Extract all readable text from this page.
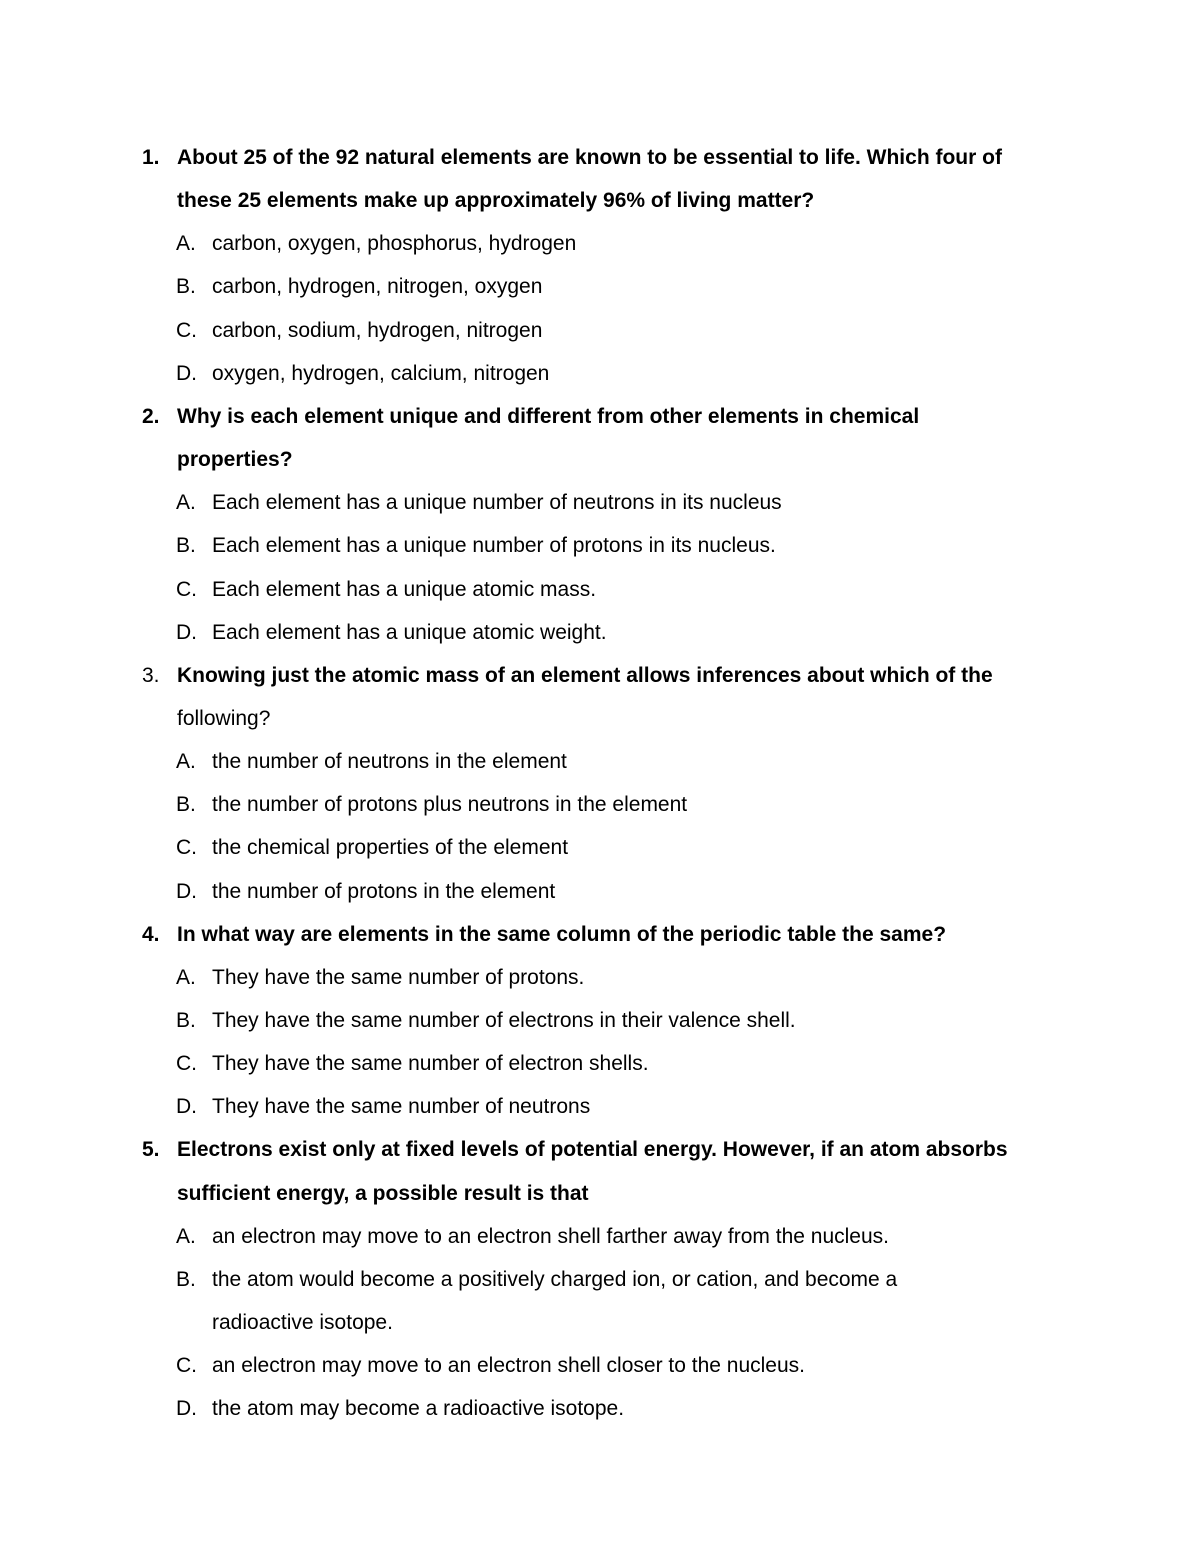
1. About 25 of the 92 natural elements are known to be essential to life. Which four of
these 25 elements make up approximately 96% of living matter?
A. carbon, oxygen, phosphorus, hydrogen
B. carbon, hydrogen, nitrogen, oxygen
C. carbon, sodium, hydrogen, nitrogen
D. oxygen, hydrogen, calcium, nitrogen
2. Why is each element unique and different from other elements in chemical
properties?
A. Each element has a unique number of neutrons in its nucleus
B. Each element has a unique number of protons in its nucleus.
C. Each element has a unique atomic mass.
D. Each element has a unique atomic weight.
3. Knowing just the atomic mass of an element allows inferences about which of the
following?
A. the number of neutrons in the element
B. the number of protons plus neutrons in the element
C. the chemical properties of the element
D. the number of protons in the element
4. In what way are elements in the same column of the periodic table the same?
A. They have the same number of protons.
B. They have the same number of electrons in their valence shell.
C. They have the same number of electron shells.
D. They have the same number of neutrons
5. Electrons exist only at fixed levels of potential energy. However, if an atom absorbs
sufficient energy, a possible result is that
A. an electron may move to an electron shell farther away from the nucleus.
B. the atom would become a positively charged ion, or cation, and become a
radioactive isotope.
C. an electron may move to an electron shell closer to the nucleus.
D. the atom may become a radioactive isotope.
